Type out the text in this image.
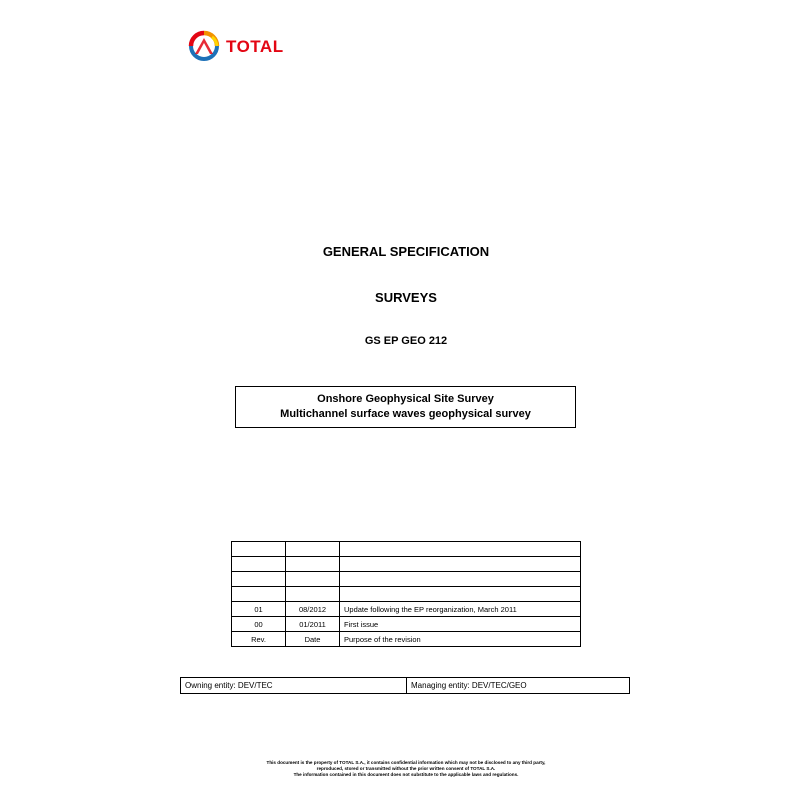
TOTAL
GENERAL SPECIFICATION
SURVEYS
GS EP GEO 212
Onshore Geophysical Site Survey
Multichannel surface waves geophysical survey

01	08/2012	Update following the EP reorganization, March 2011
00	01/2011	First issue
Rev.	Date	Purpose of the revision
Owning entity: DEV/TEC	Managing entity: DEV/TEC/GEO
This document is the property of TOTAL S.A., it contains confidential information which may not be disclosed to any third party,
reproduced, stored or transmitted without the prior written consent of TOTAL S.A.
The information contained in this document does not substitute to the applicable laws and regulations.
